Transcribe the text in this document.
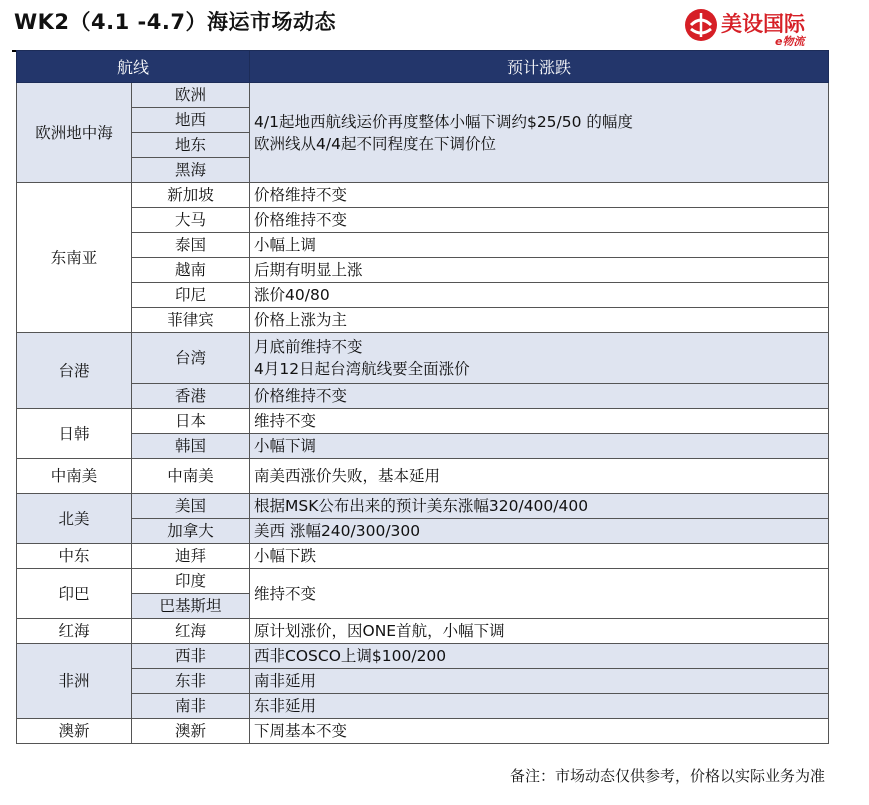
WK2（4.1 -4.7）海运市场动态	美设国际
e物流
航线		预计涨跌
欧洲地中海	欧洲	4/1起地西航线运价再度整体小幅下调约$25/50 的幅度
欧洲线从4/4起不同程度在下调价位

	地西	
	地东	
	黑海	
东南亚	新加坡	价格维持不变
	大马	价格维持不变
	泰国	小幅上调
	越南	后期有明显上涨
	印尼	涨价40/80
	菲律宾	价格上涨为主
台港	台湾	月底前维持不变
4月12日起台湾航线要全面涨价

	香港	价格维持不变
日韩	日本	维持不变
	韩国	小幅下调
中南美	中南美	南美西涨价失败，基本延用
北美	美国	根据MSK公布出来的预计美东涨幅320/400/400
	加拿大	美西 涨幅240/300/300
中东	迪拜	小幅下跌
印巴	印度	维持不变
	巴基斯坦	
红海	红海	原计划涨价，因ONE首航，小幅下调
非洲	西非	西非COSCO上调$100/200
	东非	南非延用
	南非	东非延用
澳新	澳新	下周基本不变
备注：市场动态仅供参考，价格以实际业务为准
